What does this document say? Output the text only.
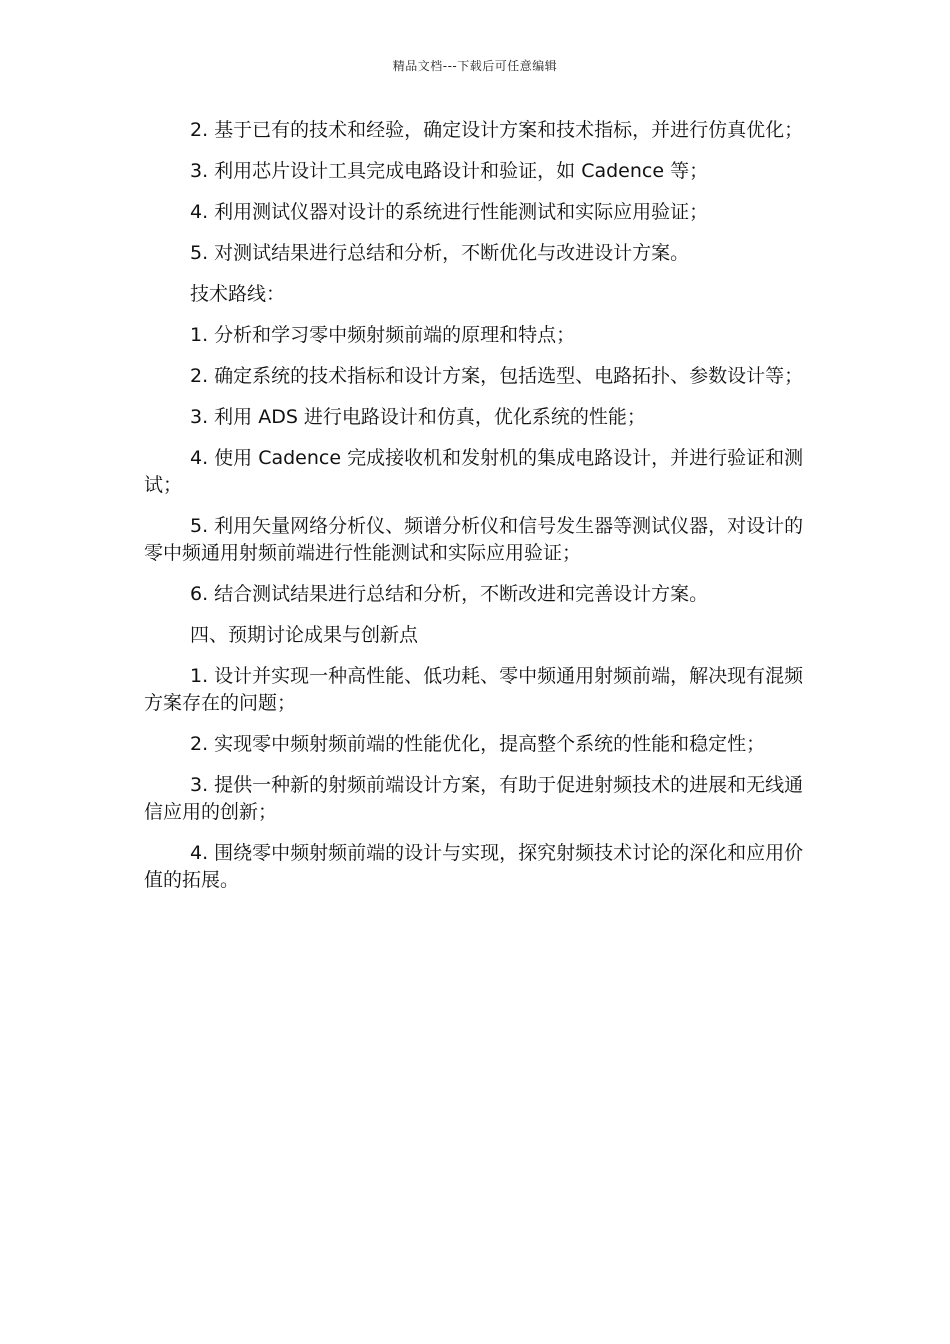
精品文档---下载后可任意编辑

2. 基于已有的技术和经验，确定设计方案和技术指标，并进行仿真优化；

3. 利用芯片设计工具完成电路设计和验证，如 Cadence 等；

4. 利用测试仪器对设计的系统进行性能测试和实际应用验证；

5. 对测试结果进行总结和分析，不断优化与改进设计方案。

技术路线：

1. 分析和学习零中频射频前端的原理和特点；

2. 确定系统的技术指标和设计方案，包括选型、电路拓扑、参数设计等；

3. 利用 ADS 进行电路设计和仿真，优化系统的性能；

4. 使用 Cadence 完成接收机和发射机的集成电路设计，并进行验证和测试；

5. 利用矢量网络分析仪、频谱分析仪和信号发生器等测试仪器，对设计的零中频通用射频前端进行性能测试和实际应用验证；

6. 结合测试结果进行总结和分析，不断改进和完善设计方案。

四、预期讨论成果与创新点

1. 设计并实现一种高性能、低功耗、零中频通用射频前端，解决现有混频方案存在的问题；

2. 实现零中频射频前端的性能优化，提高整个系统的性能和稳定性；

3. 提供一种新的射频前端设计方案，有助于促进射频技术的进展和无线通信应用的创新；

4. 围绕零中频射频前端的设计与实现，探究射频技术讨论的深化和应用价值的拓展。
